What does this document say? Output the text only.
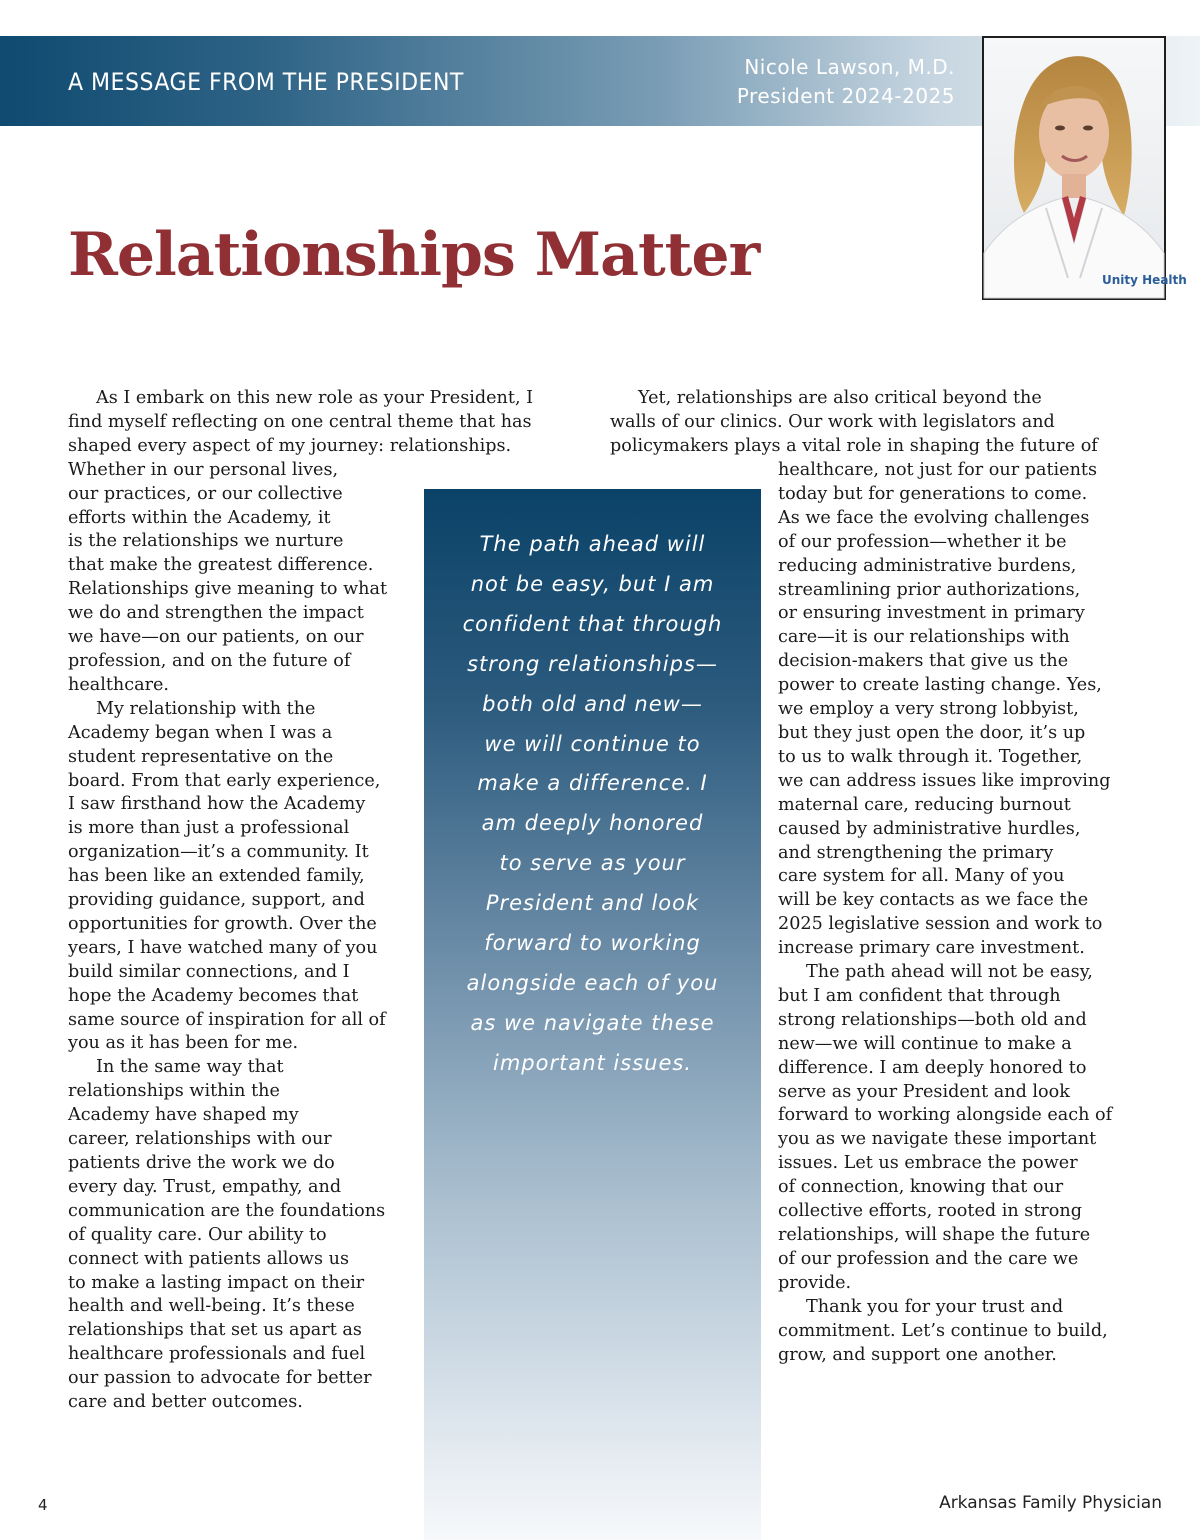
A MESSAGE FROM THE PRESIDENT
Nicole Lawson, M.D.
President 2024-2025
Unity Health
Relationships Matter

As I embark on this new role as your President, I
find myself reflecting on one central theme that has
shaped every aspect of my journey: relationships.
Whether in our personal lives,
our practices, or our collective
efforts within the Academy, it
is the relationships we nurture
that make the greatest difference.
Relationships give meaning to what
we do and strengthen the impact
we have—on our patients, on our
profession, and on the future of
healthcare.

My relationship with the
Academy began when I was a
student representative on the
board. From that early experience,
I saw firsthand how the Academy
is more than just a professional
organization—it’s a community. It
has been like an extended family,
providing guidance, support, and
opportunities for growth. Over the
years, I have watched many of you
build similar connections, and I
hope the Academy becomes that
same source of inspiration for all of
you as it has been for me.

In the same way that
relationships within the
Academy have shaped my
career, relationships with our
patients drive the work we do
every day. Trust, empathy, and
communication are the foundations
of quality care. Our ability to
connect with patients allows us
to make a lasting impact on their
health and well-being. It’s these
relationships that set us apart as
healthcare professionals and fuel
our passion to advocate for better
care and better outcomes.

Yet, relationships are also critical beyond the
walls of our clinics. Our work with legislators and
policymakers plays a vital role in shaping the future of

The path ahead will
not be easy, but I am
confident that through
strong relationships—
both old and new—
we will continue to
make a difference. I
am deeply honored
to serve as your
President and look
forward to working
alongside each of you
as we navigate these
important issues.

healthcare, not just for our patients
today but for generations to come.
As we face the evolving challenges
of our profession—whether it be
reducing administrative burdens,
streamlining prior authorizations,
or ensuring investment in primary
care—it is our relationships with
decision-makers that give us the
power to create lasting change. Yes,
we employ a very strong lobbyist,
but they just open the door, it’s up
to us to walk through it. Together,
we can address issues like improving
maternal care, reducing burnout
caused by administrative hurdles,
and strengthening the primary
care system for all. Many of you
will be key contacts as we face the
2025 legislative session and work to
increase primary care investment.

The path ahead will not be easy,
but I am confident that through
strong relationships—both old and
new—we will continue to make a
difference. I am deeply honored to
serve as your President and look
forward to working alongside each of
you as we navigate these important
issues. Let us embrace the power
of connection, knowing that our
collective efforts, rooted in strong
relationships, will shape the future
of our profession and the care we
provide.

Thank you for your trust and
commitment. Let’s continue to build,
grow, and support one another.

4	Arkansas Family Physician
